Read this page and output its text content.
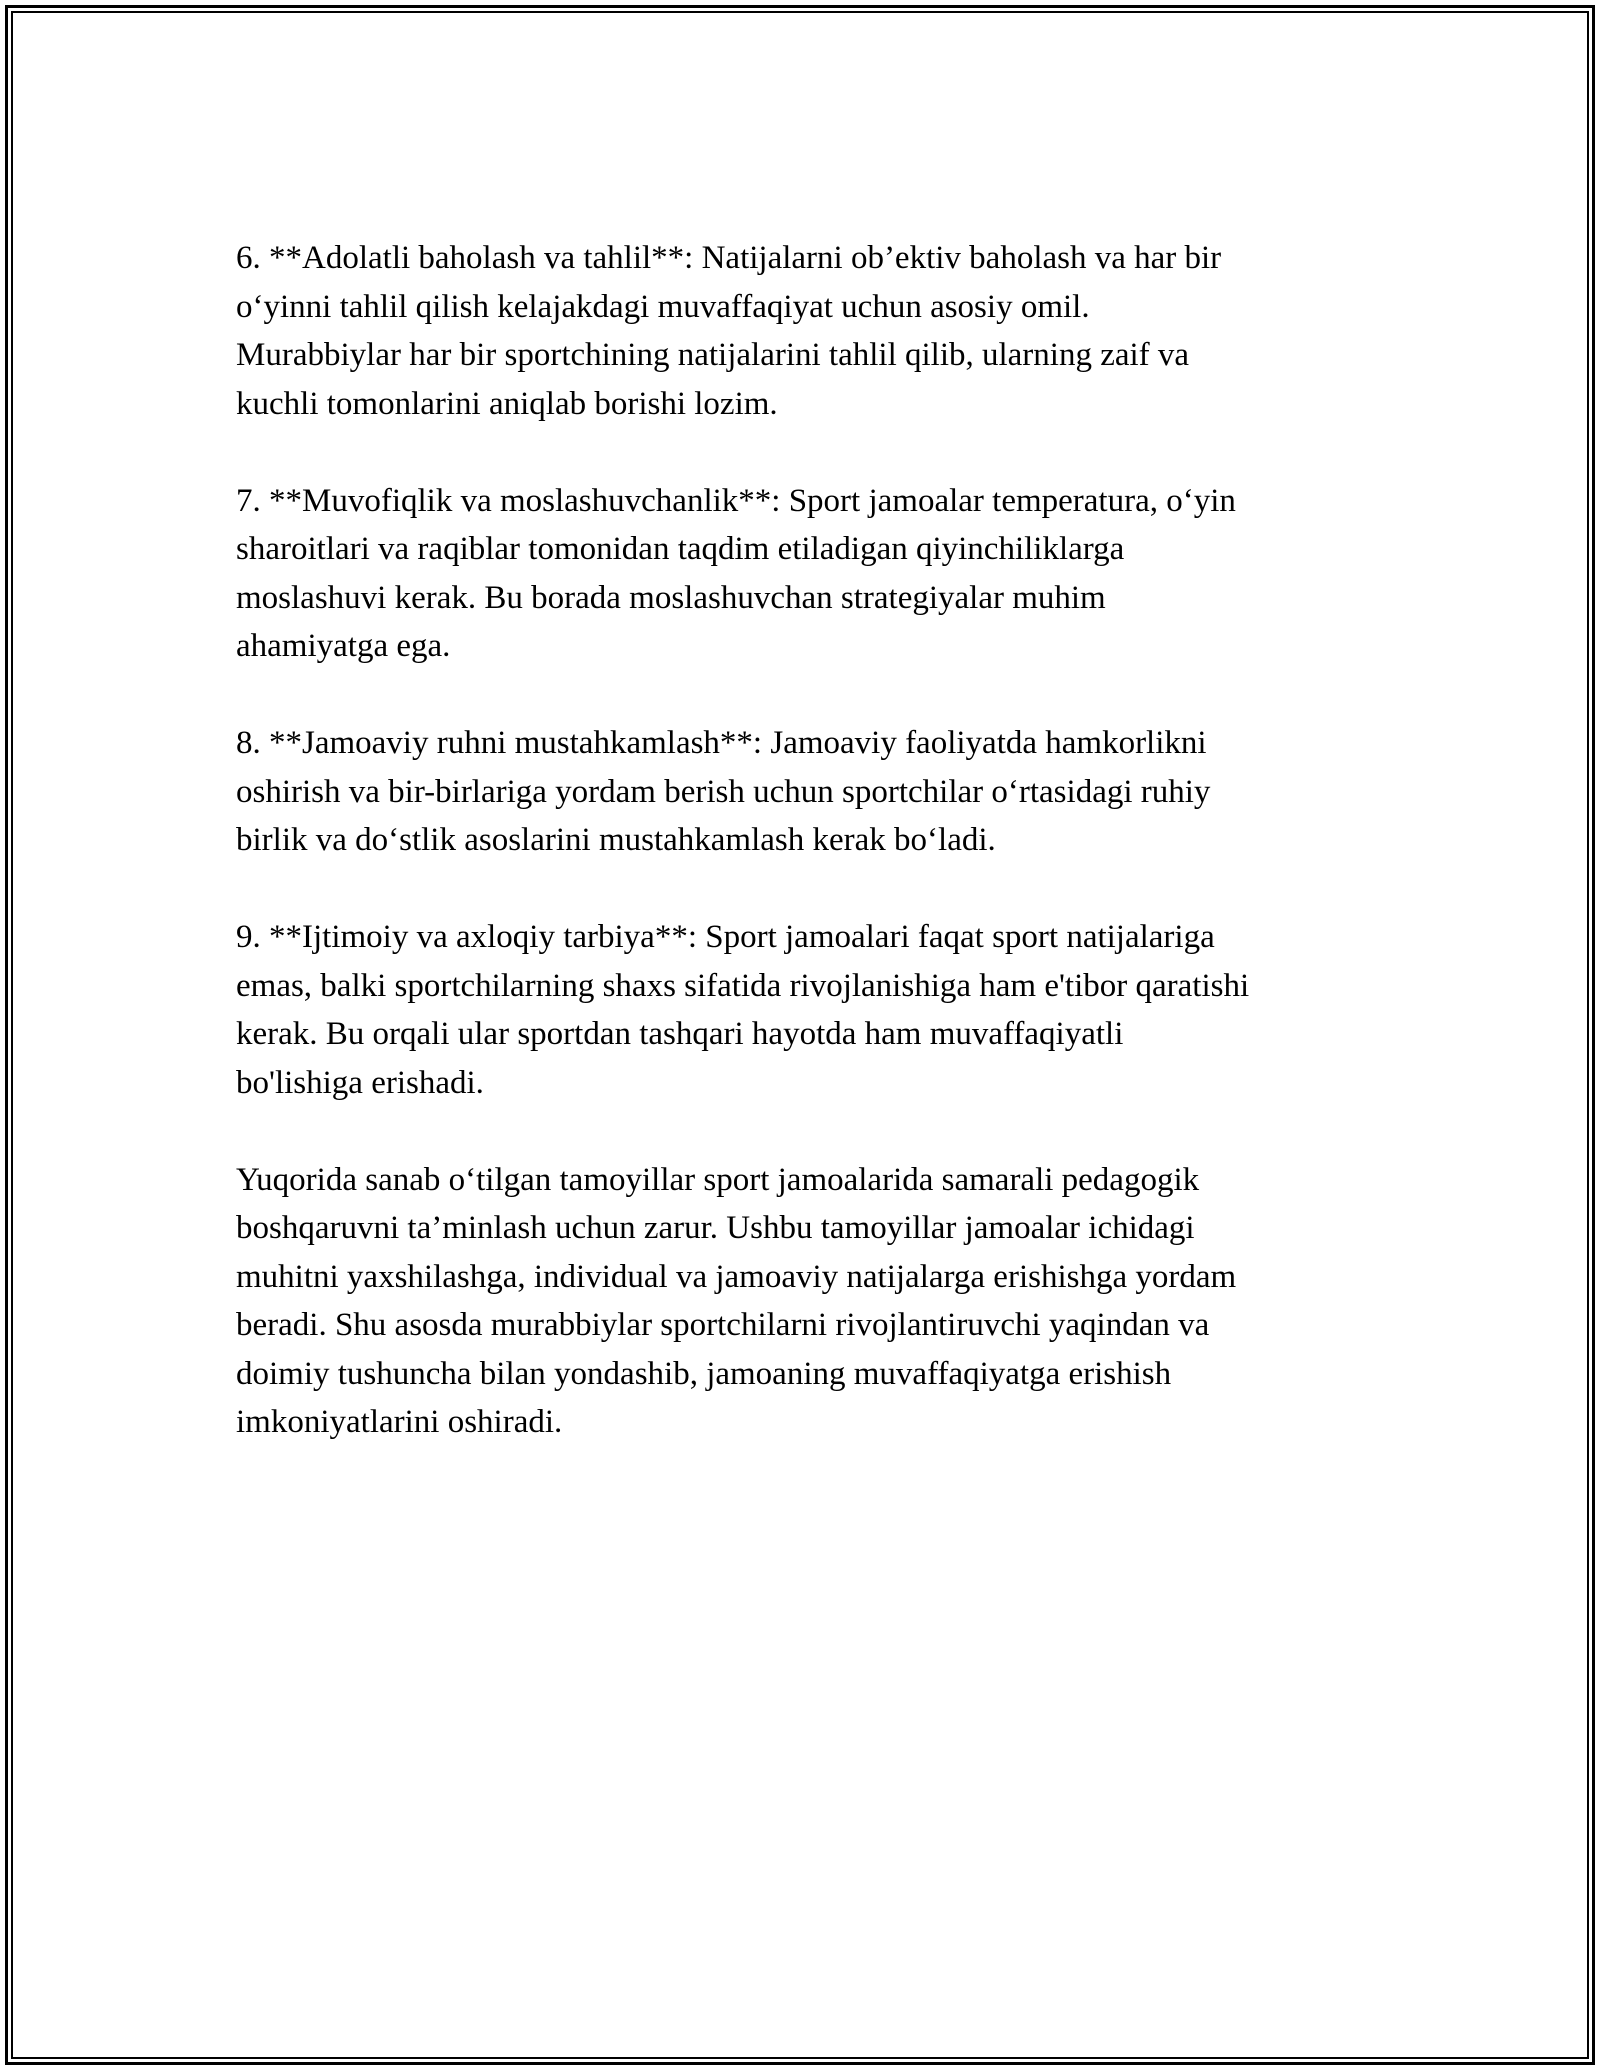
6. **Adolatli baholash va tahlil**: Natijalarni ob’ektiv baholash va har bir
o‘yinni tahlil qilish kelajakdagi muvaffaqiyat uchun asosiy omil.
Murabbiylar har bir sportchining natijalarini tahlil qilib, ularning zaif va
kuchli tomonlarini aniqlab borishi lozim.

7. **Muvofiqlik va moslashuvchanlik**: Sport jamoalar temperatura, o‘yin
sharoitlari va raqiblar tomonidan taqdim etiladigan qiyinchiliklarga
moslashuvi kerak. Bu borada moslashuvchan strategiyalar muhim
ahamiyatga ega.

8. **Jamoaviy ruhni mustahkamlash**: Jamoaviy faoliyatda hamkorlikni
oshirish va bir-birlariga yordam berish uchun sportchilar o‘rtasidagi ruhiy
birlik va do‘stlik asoslarini mustahkamlash kerak bo‘ladi.

9. **Ijtimoiy va axloqiy tarbiya**: Sport jamoalari faqat sport natijalariga
emas, balki sportchilarning shaxs sifatida rivojlanishiga ham e'tibor qaratishi
kerak. Bu orqali ular sportdan tashqari hayotda ham muvaffaqiyatli
bo'lishiga erishadi.

Yuqorida sanab o‘tilgan tamoyillar sport jamoalarida samarali pedagogik
boshqaruvni ta’minlash uchun zarur. Ushbu tamoyillar jamoalar ichidagi
muhitni yaxshilashga, individual va jamoaviy natijalarga erishishga yordam
beradi. Shu asosda murabbiylar sportchilarni rivojlantiruvchi yaqindan va
doimiy tushuncha bilan yondashib, jamoaning muvaffaqiyatga erishish
imkoniyatlarini oshiradi.
